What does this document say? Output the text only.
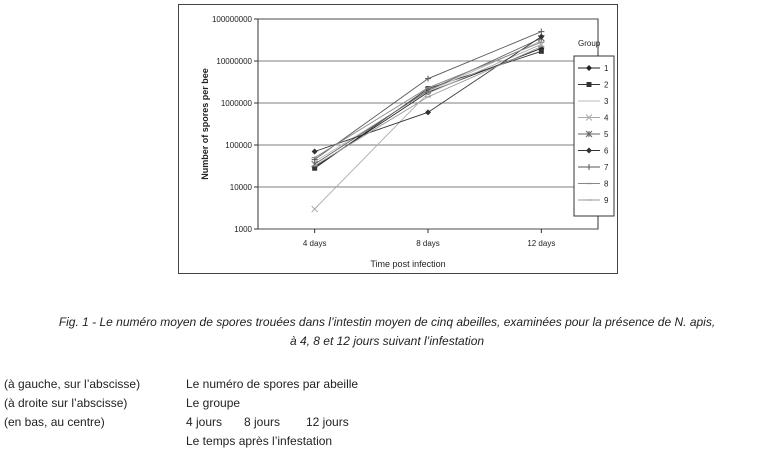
1000
10000
100000
1000000
10000000
100000000
4 days	8 days	12 days
Time post infection
Number of spores per bee
Group
1
2
3
4
5
6
7
8
9
Fig. 1 - Le numéro moyen de spores trouées dans l’intestin moyen de cinq abeilles, examinées pour la présence de N. apis,
à 4, 8 et 12 jours suivant l’infestation
(à gauche, sur l’abscisse)	Le numéro de spores par abeille
(à droite sur l’abscisse)	Le groupe
(en bas, au centre)	4 jours 8 jours 12 jours
Le temps après l’infestation
